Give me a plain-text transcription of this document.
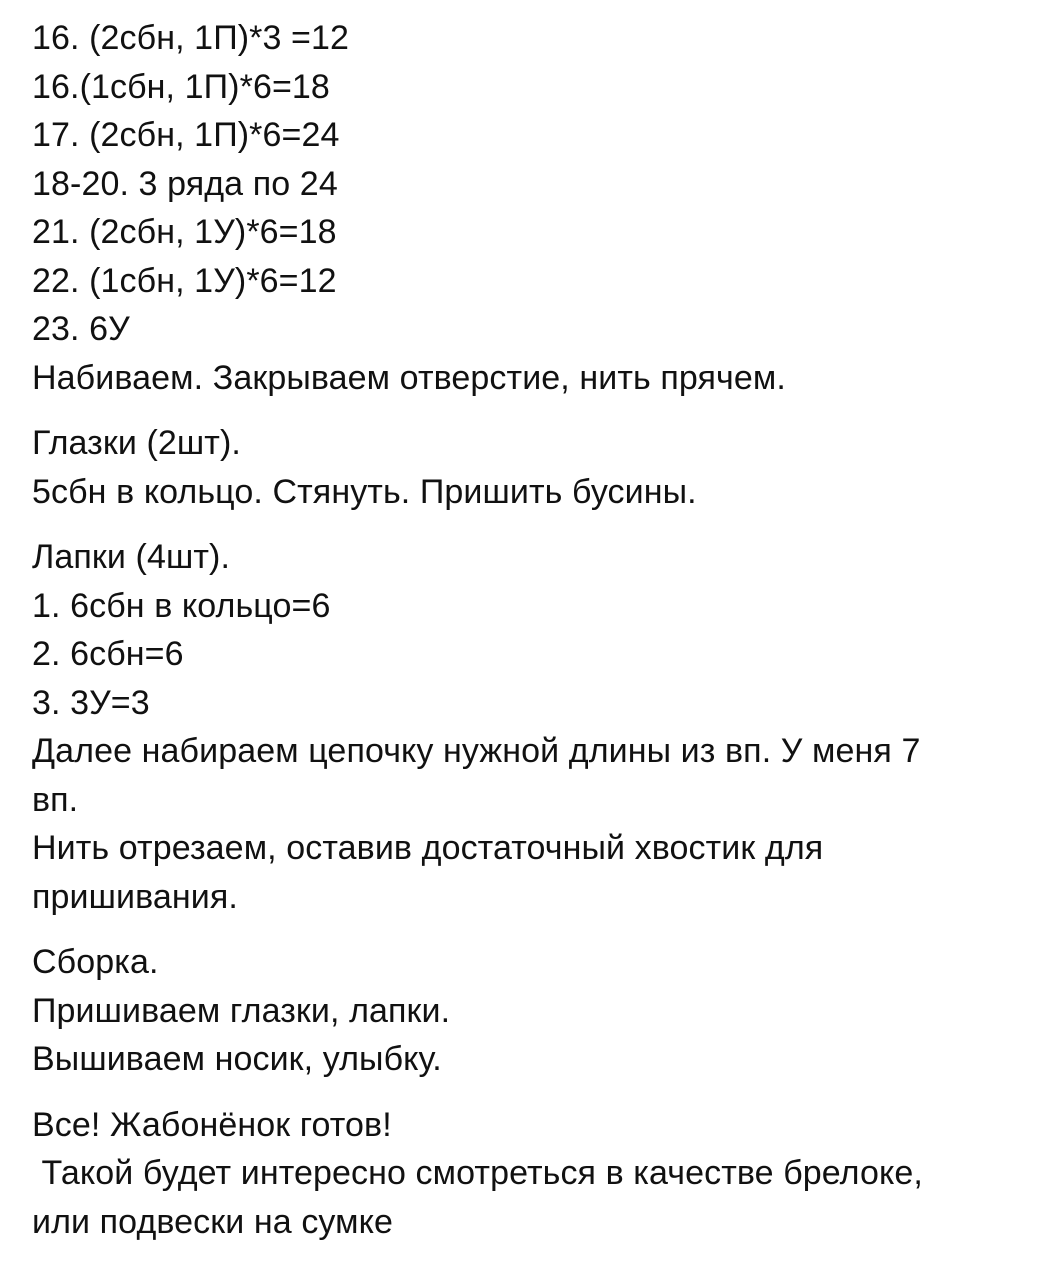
16. (2сбн, 1П)*3 =12
16.(1сбн, 1П)*6=18
17. (2сбн, 1П)*6=24
18-20. 3 ряда по 24
21. (2сбн, 1У)*6=18
22. (1сбн, 1У)*6=12
23. 6У
Набиваем. Закрываем отверстие, нить прячем.
Глазки (2шт).
5сбн в кольцо. Стянуть. Пришить бусины.
Лапки (4шт).
1. 6сбн в кольцо=6
2. 6сбн=6
3. 3У=3
Далее набираем цепочку нужной длины из вп. У меня 7
вп.
Нить отрезаем, оставив достаточный хвостик для
пришивания.
Сборка.
Пришиваем глазки, лапки.
Вышиваем носик, улыбку.
Все! Жабонёнок готов!
Такой будет интересно смотреться в качестве брелоке,
или подвески на сумке
